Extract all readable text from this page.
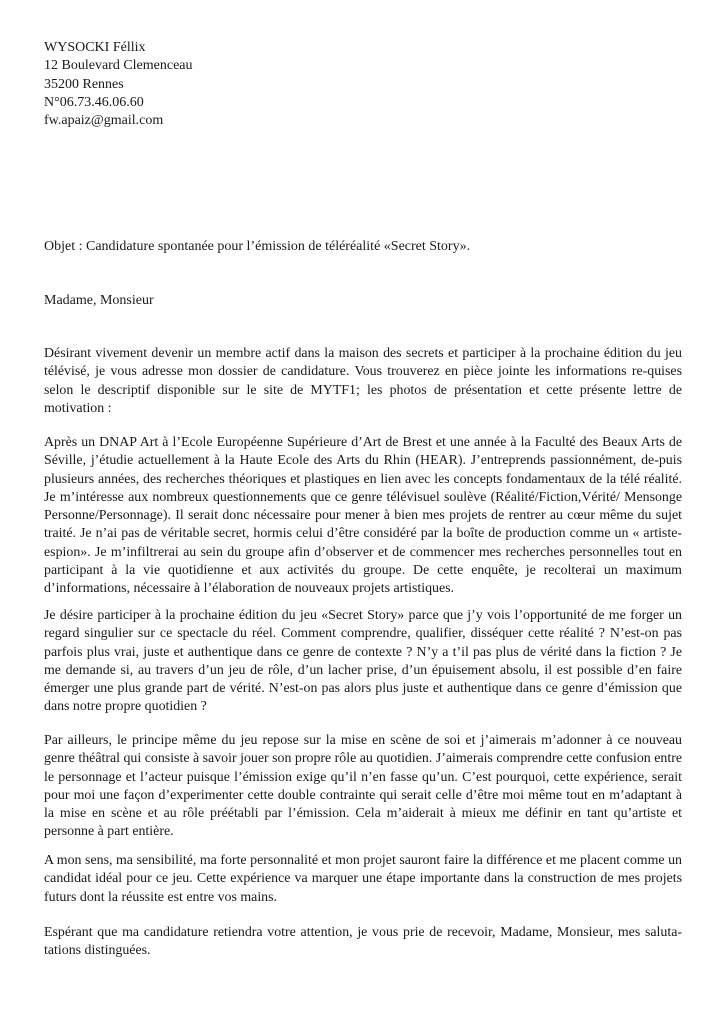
WYSOCKI Féllix
12 Boulevard Clemenceau
35200 Rennes
N°06.73.46.06.60
fw.apaiz@gmail.com
Objet : Candidature spontanée pour l’émission de téléréalité «Secret Story».
Madame, Monsieur

Désirant vivement devenir un membre actif dans la maison des secrets et participer à la prochaine édition du jeu télévisé, je vous adresse mon dossier de candidature. Vous trouverez en pièce jointe les informations re-quises selon le descriptif disponible sur le site de MYTF1; les photos de présentation et cette présente lettre de motivation :

Après un DNAP Art à l’Ecole Européenne Supérieure d’Art de Brest et une année à la Faculté des Beaux Arts de Séville, j’étudie actuellement à la Haute Ecole des Arts du Rhin (HEAR). J’entreprends passionnément, de-puis plusieurs années, des recherches théoriques et plastiques en lien avec les concepts fondamentaux de la télé réalité. Je m’intéresse aux nombreux questionnements que ce genre télévisuel soulève (Réalité/Fiction,Vérité/ Mensonge Personne/Personnage). Il serait donc nécessaire pour mener à bien mes projets de rentrer au cœur même du sujet traité. Je n’ai pas de véritable secret, hormis celui d’être considéré par la boîte de production comme un « artiste-espion». Je m’infiltrerai au sein du groupe afin d’observer et de commencer mes recherches personnelles tout en participant à la vie quotidienne et aux activités du groupe. De cette enquête, je recolterai un maximum d’informations, nécessaire à l’élaboration de nouveaux projets artistiques.

Je désire participer à la prochaine édition du jeu «Secret Story» parce que j’y vois l’opportunité de me forger un regard singulier sur ce spectacle du réel. Comment comprendre, qualifier, disséquer cette réalité ? N’est-on pas parfois plus vrai, juste et authentique dans ce genre de contexte ? N’y a t’il pas plus de vérité dans la fiction ? Je me demande si, au travers d’un jeu de rôle, d’un lacher prise, d’un épuisement absolu, il est possible d’en faire émerger une plus grande part de vérité. N’est-on pas alors plus juste et authentique dans ce genre d’émission que dans notre propre quotidien ?

Par ailleurs, le principe même du jeu repose sur la mise en scène de soi et j’aimerais m’adonner à ce nouveau genre théâtral qui consiste à savoir jouer son propre rôle au quotidien. J’aimerais comprendre cette confusion entre le personnage et l’acteur puisque l’émission exige qu’il n’en fasse qu’un. C’est pourquoi, cette expérience, serait pour moi une façon d’experimenter cette double contrainte qui serait celle d’être moi même tout en m’adaptant à la mise en scène et au rôle préétabli par l’émission. Cela m’aiderait à mieux me définir en tant qu’artiste et personne à part entière.

A mon sens, ma sensibilité, ma forte personnalité et mon projet sauront faire la différence et me placent comme un candidat idéal pour ce jeu. Cette expérience va marquer une étape importante dans la construction de mes projets futurs dont la réussite est entre vos mains.

Espérant que ma candidature retiendra votre attention, je vous prie de recevoir, Madame, Monsieur, mes saluta-tations distinguées.
